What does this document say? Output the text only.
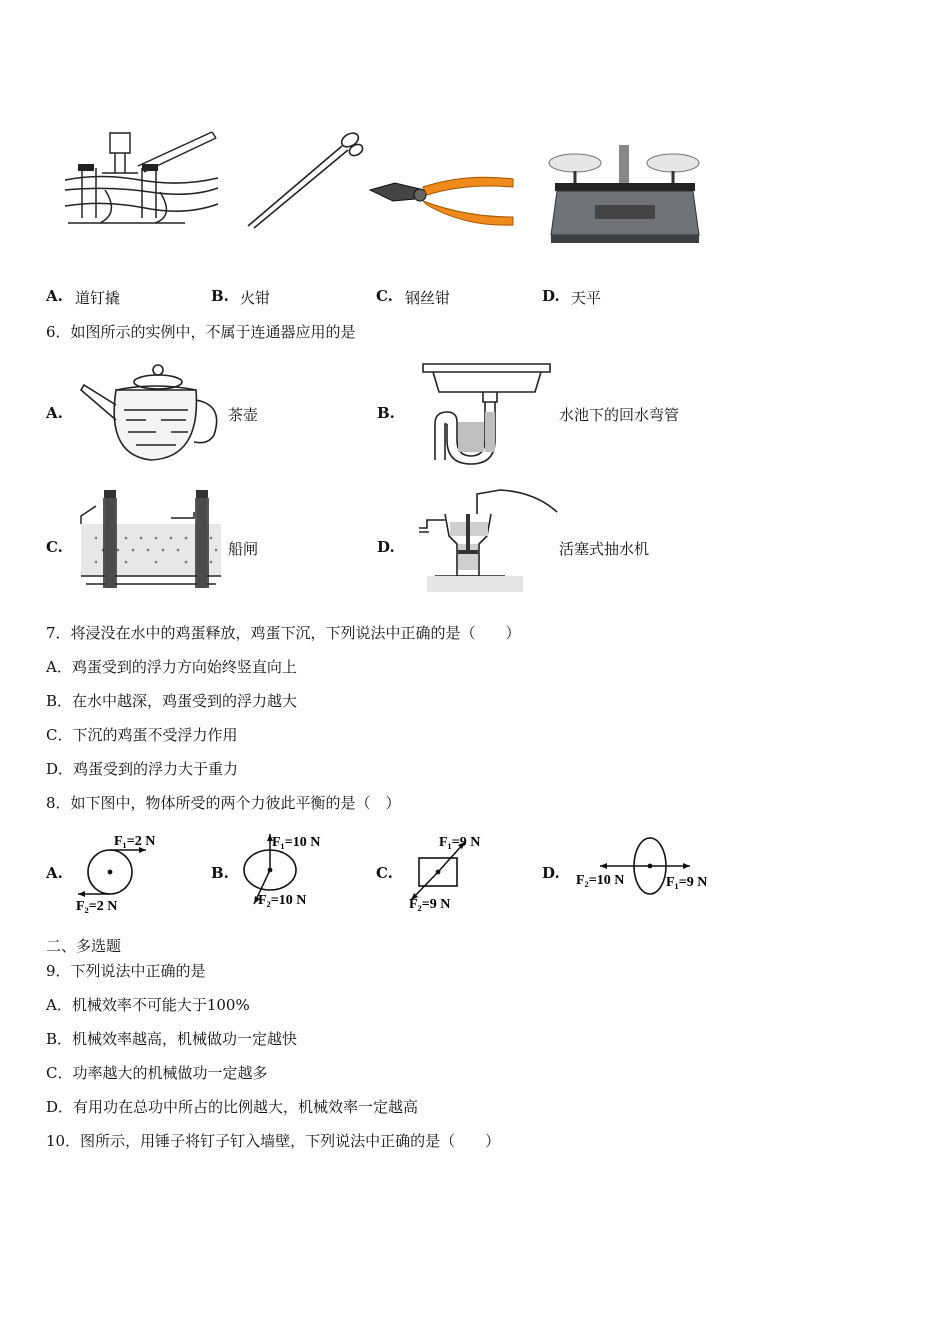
A. 道钉撬	B. 火钳	C. 钢丝钳	D. 天平
6．如图所示的实例中，不属于连通器应用的是
A.	茶壶	B.	水池下的回水弯管
C.	船闸	D.	活塞式抽水机
7．将浸没在水中的鸡蛋释放，鸡蛋下沉，下列说法中正确的是（　　）
A．鸡蛋受到的浮力方向始终竖直向上
B．在水中越深，鸡蛋受到的浮力越大
C．下沉的鸡蛋不受浮力作用
D．鸡蛋受到的浮力大于重力
8．如下图中，物体所受的两个力彼此平衡的是（　）
A.
F₁=2 N
F₂=2 N
B.
F₁=10 N
F₂=10 N
C.
F₁=9 N
F₂=9 N
D. F₂=10 N	F₁=9 N
二、多选题
9．下列说法中正确的是
A．机械效率不可能大于100%
B．机械效率越高，机械做功一定越快
C．功率越大的机械做功一定越多
D．有用功在总功中所占的比例越大，机械效率一定越高
10．图所示，用锤子将钉子钉入墙壁，下列说法中正确的是（　　）
